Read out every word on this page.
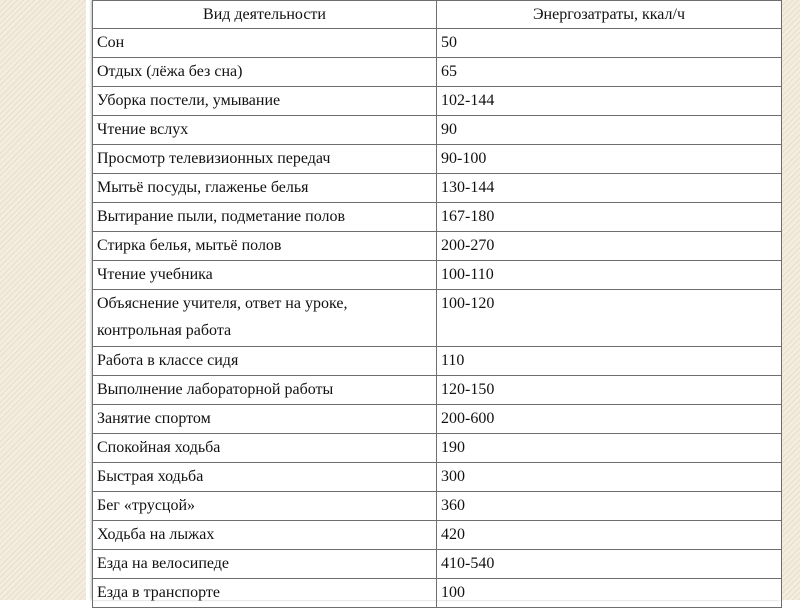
Вид деятельности	Энергозатраты, ккал/ч
Сон	50
Отдых (лёжа без сна)	65
Уборка постели, умывание	102-144
Чтение вслух	90
Просмотр телевизионных передач	90-100
Мытьё посуды, глаженье белья	130-144
Вытирание пыли, подметание полов	167-180
Стирка белья, мытьё полов	200-270
Чтение учебника	100-110
Объяснение учителя, ответ на уроке, контрольная работа	100-120
Работа в классе сидя	110
Выполнение лабораторной работы	120-150
Занятие спортом	200-600
Спокойная ходьба	190
Быстрая ходьба	300
Бег «трусцой»	360
Ходьба на лыжах	420
Езда на велосипеде	410-540
Езда в транспорте	100
